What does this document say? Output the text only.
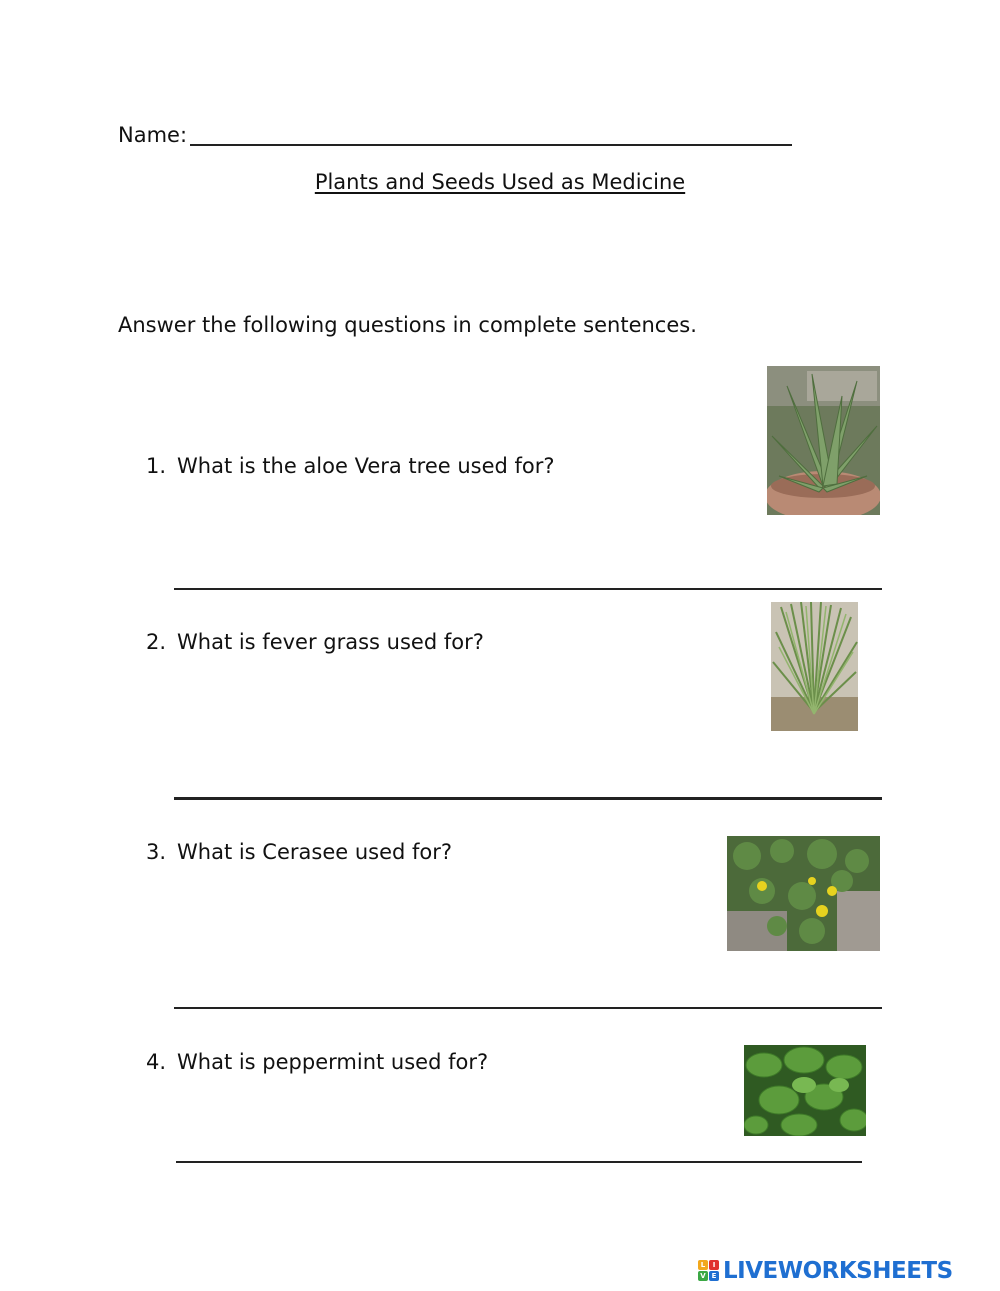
Name:
Plants and Seeds Used as Medicine
Answer the following questions in complete sentences.
1. What is the aloe Vera tree used for?
2. What is fever grass used for?
3. What is Cerasee used for?
4. What is peppermint used for?
L	I
V E LIVEWORKSHEETS
